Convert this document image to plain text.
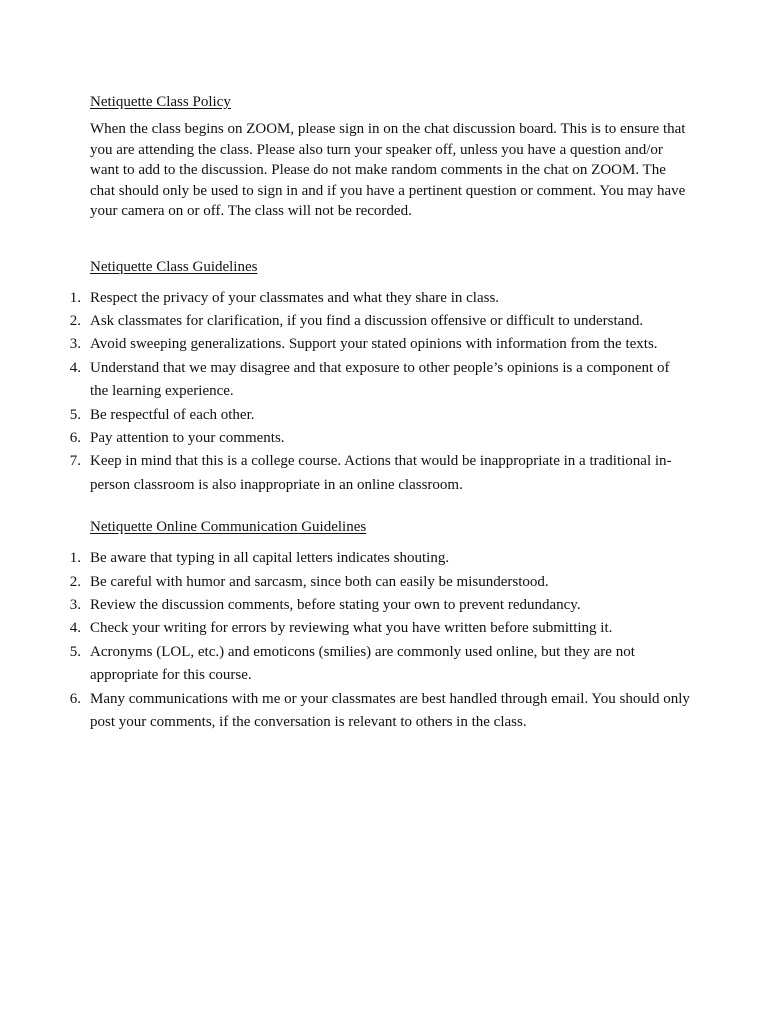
Netiquette Class Policy

When the class begins on ZOOM, please sign in on the chat discussion board. This is to ensure that you are attending the class. Please also turn your speaker off, unless you have a question and/or want to add to the discussion. Please do not make random comments in the chat on ZOOM. The chat should only be used to sign in and if you have a pertinent question or comment. You may have your camera on or off. The class will not be recorded.

Netiquette Class Guidelines

1 . Respect the privacy of your classmates and what they share in class.
2 . Ask classmates for clarification, if you find a discussion offensive or difficult to understand.
3 . Avoid sweeping generalizations. Support your stated opinions with information from the texts.
4 . Understand that we may disagree and that exposure to other people’s opinions is a component of the learning experience.
5 . Be respectful of each other.
6 . Pay attention to your comments.
7 . Keep in mind that this is a college course. Actions that would be inappropriate in a traditional in-person classroom is also inappropriate in an online classroom.

Netiquette Online Communication Guidelines

1 . Be aware that typing in all capital letters indicates shouting.
2 . Be careful with humor and sarcasm, since both can easily be misunderstood.
3 . Review the discussion comments, before stating your own to prevent redundancy.
4 . Check your writing for errors by reviewing what you have written before submitting it.
5 . Acronyms (LOL, etc.) and emoticons (smilies) are commonly used online, but they are not appropriate for this course.
6 . Many communications with me or your classmates are best handled through email. You should only post your comments, if the conversation is relevant to others in the class.
